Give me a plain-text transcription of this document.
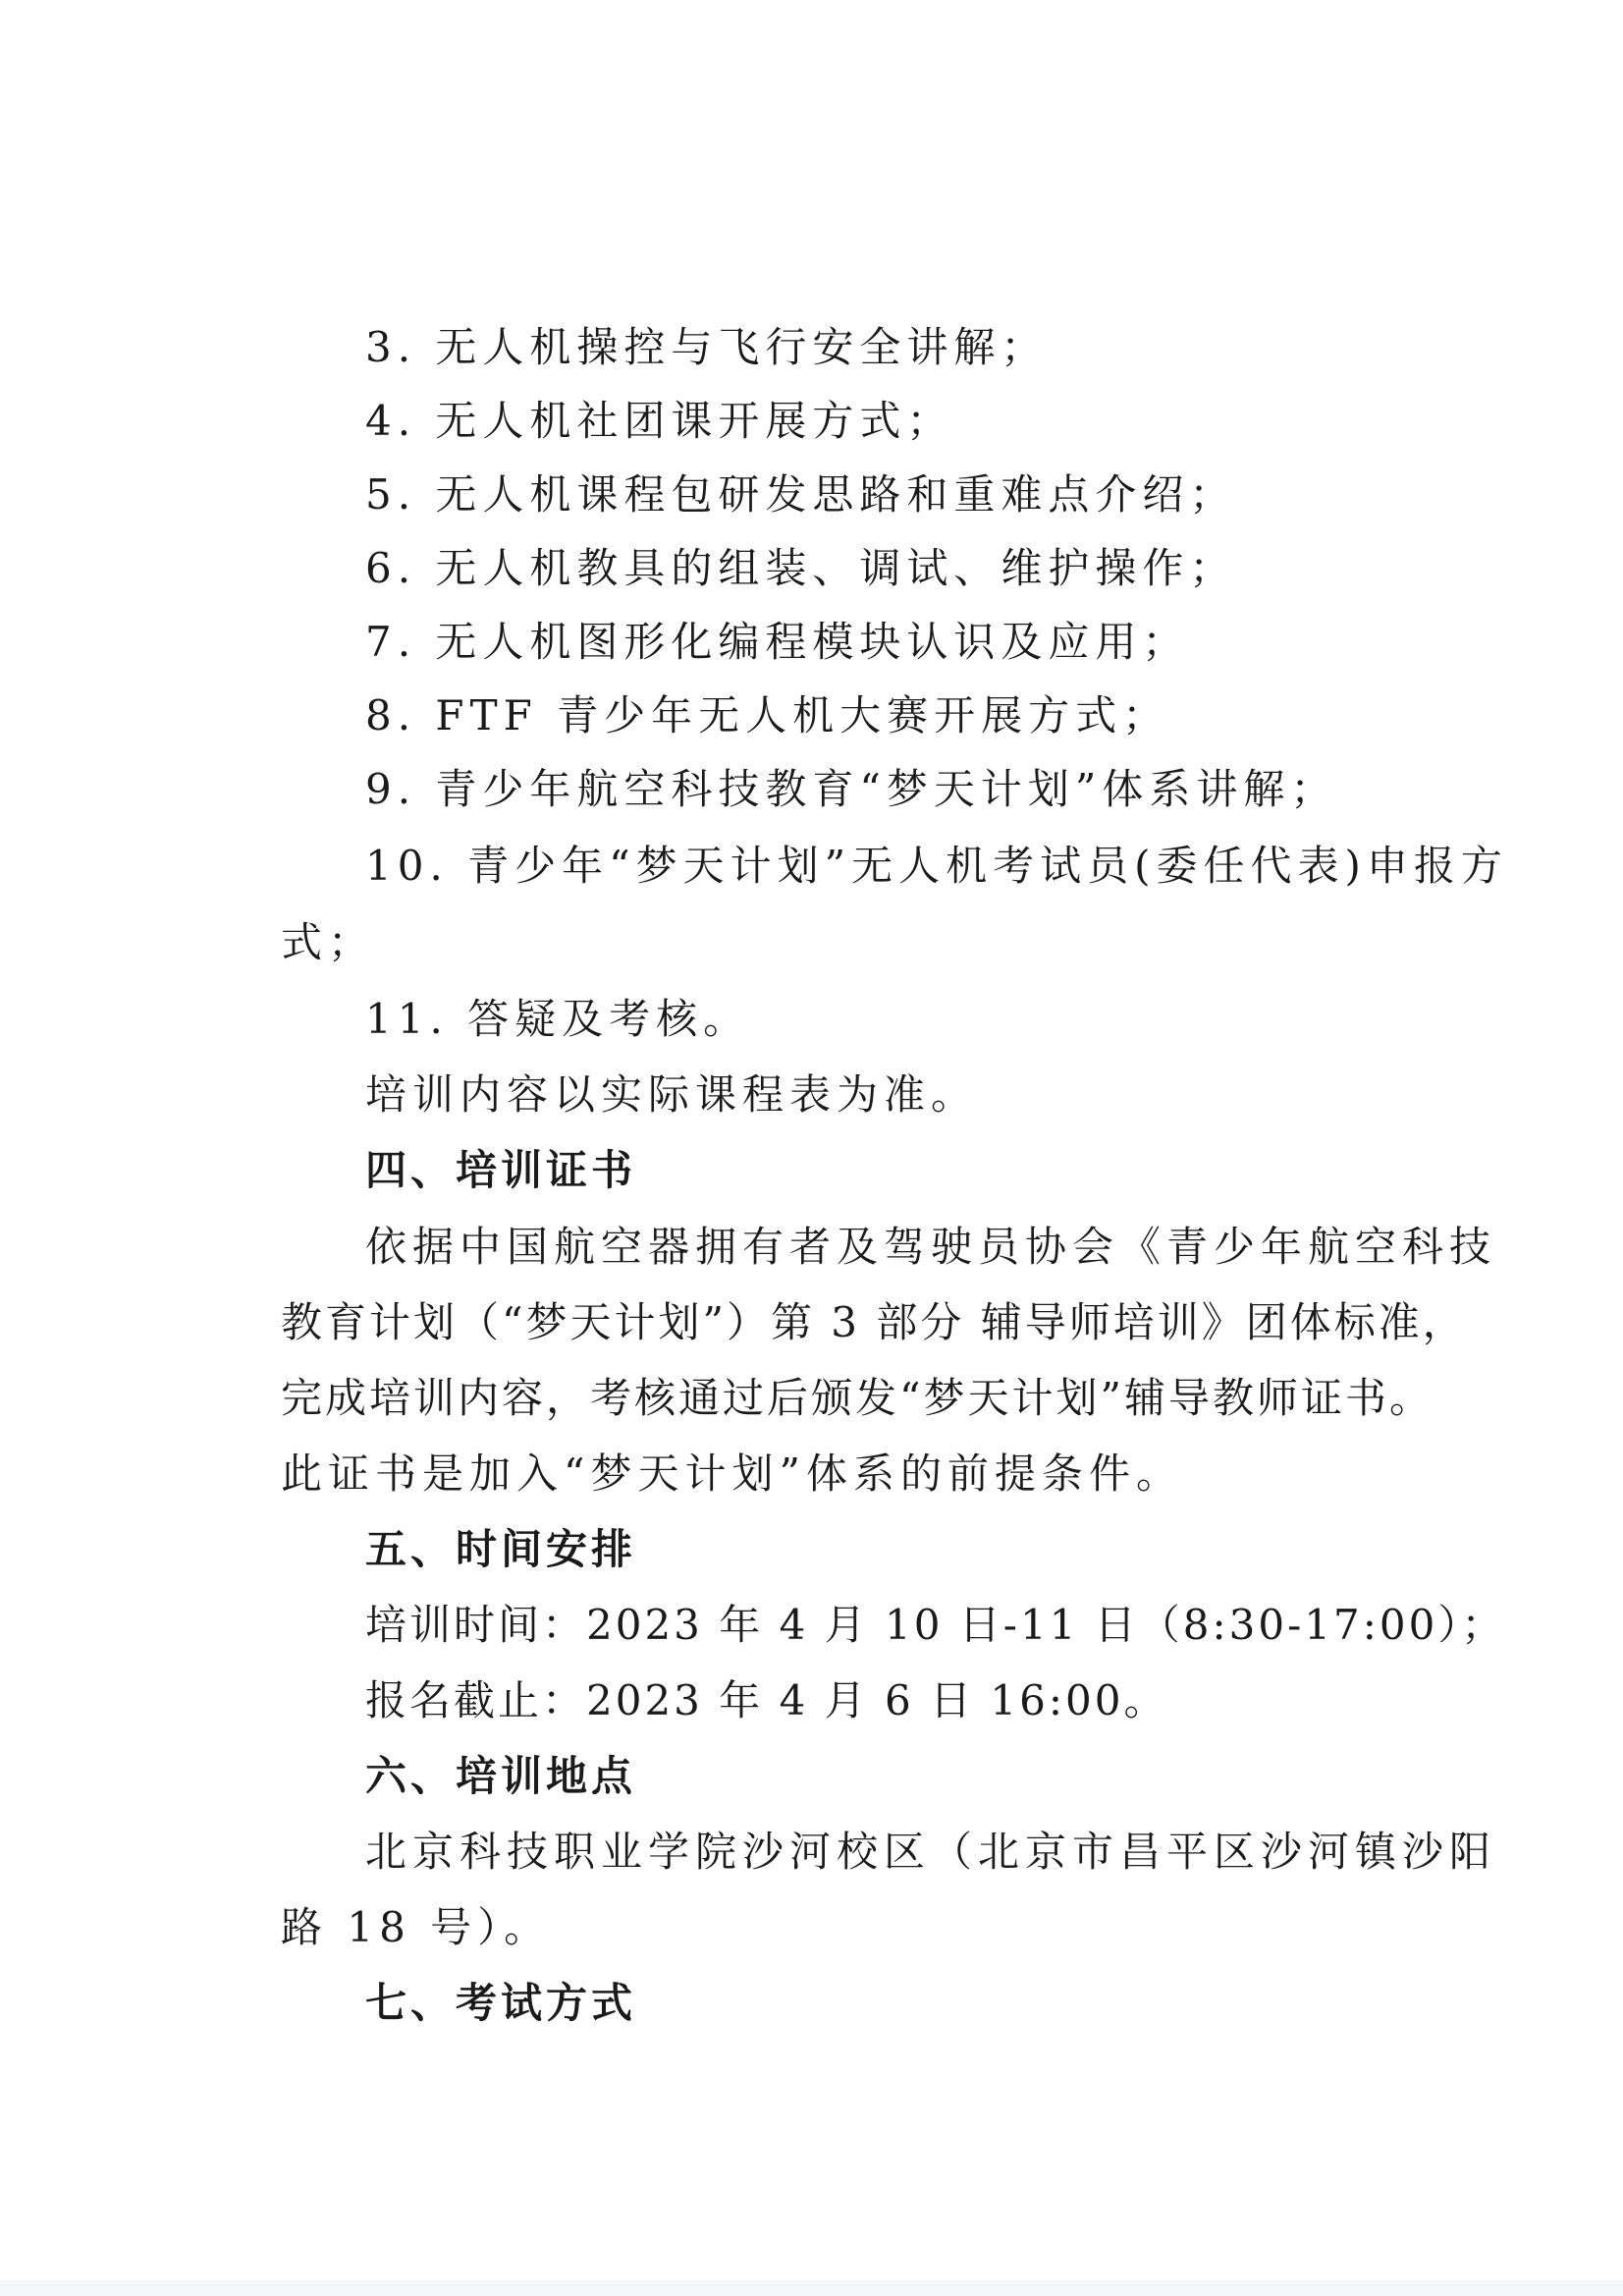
3. 无人机操控与飞行安全讲解；
4. 无人机社团课开展方式；
5. 无人机课程包研发思路和重难点介绍；
6. 无人机教具的组装、调试、维护操作；
7. 无人机图形化编程模块认识及应用；
8. FTF 青少年无人机大赛开展方式；
9. 青少年航空科技教育“梦天计划”体系讲解；
10. 青少年“梦天计划”无人机考试员(委任代表)申报方
式；
11. 答疑及考核。
培训内容以实际课程表为准。
四、培训证书
依据中国航空器拥有者及驾驶员协会《青少年航空科技
教育计划（“梦天计划”）第 3 部分 辅导师培训》团体标准，
完成培训内容，考核通过后颁发“梦天计划”辅导教师证书。
此证书是加入“梦天计划”体系的前提条件。
五、时间安排
培训时间：2023 年 4 月 10 日-11 日（8:30-17:00）；
报名截止：2023 年 4 月 6 日 16:00。
六、培训地点
北京科技职业学院沙河校区（北京市昌平区沙河镇沙阳
路 18 号）。
七、考试方式
